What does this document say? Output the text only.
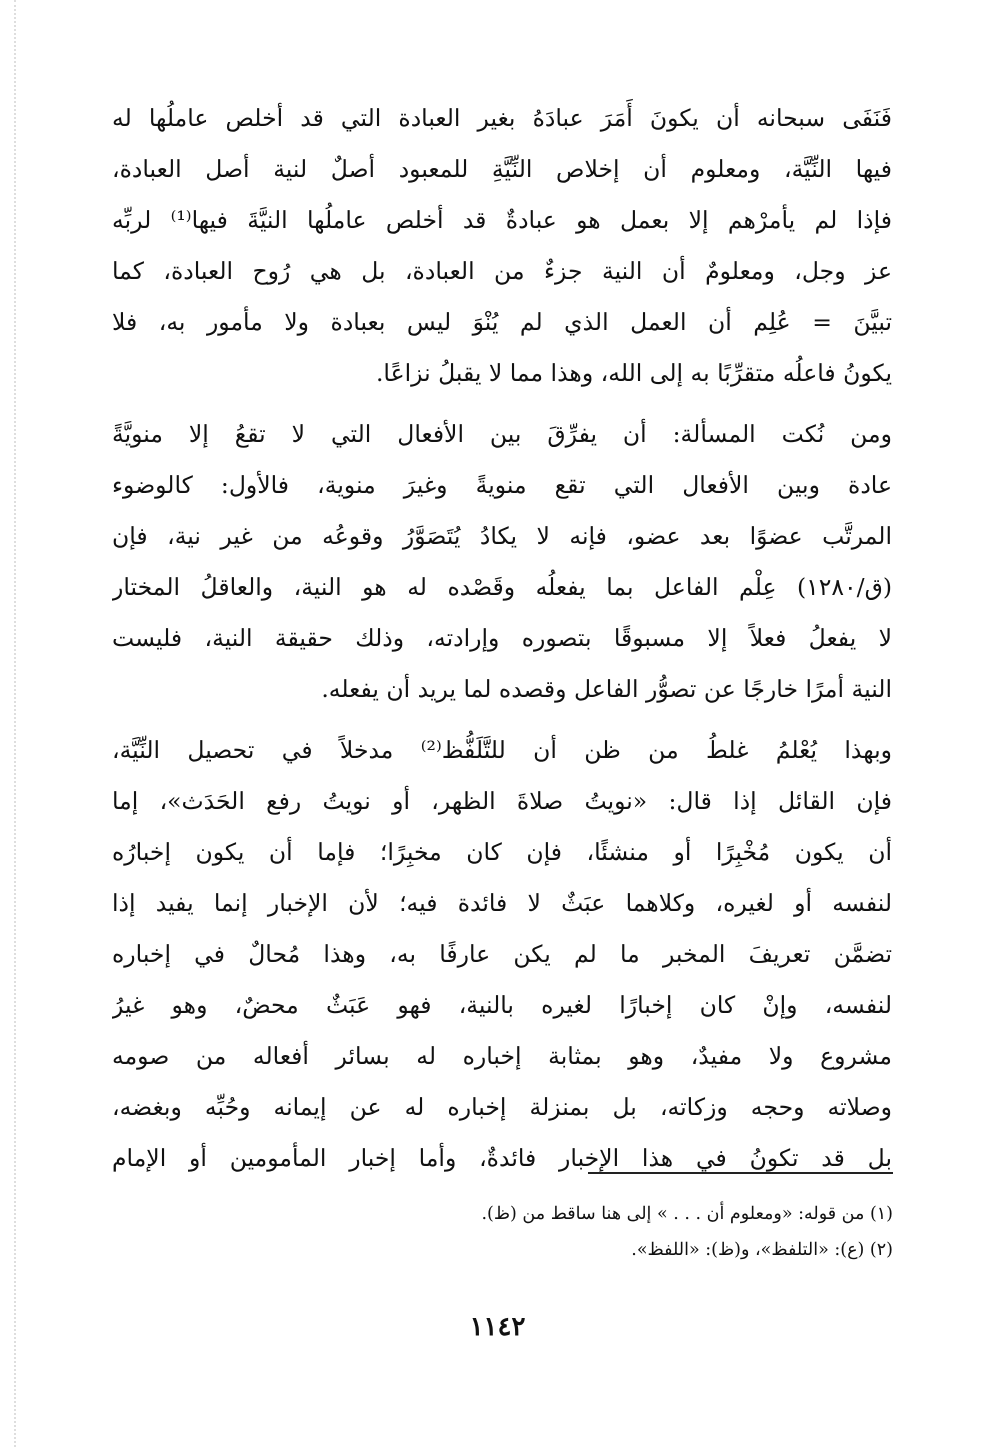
فَنَفَى سبحانه أن يكونَ أَمَرَ عبادَهُ بغير العبادة التي قد أخلص عاملُها له
فيها النِّيَّة، ومعلوم أن إخلاص النِّيَّةِ للمعبود أصلٌ لنية أصل العبادة،
فإذا لم يأمرْهم إلا بعمل هو عبادةٌ قد أخلص عاملُها النيَّةَ فيها⁽¹⁾ لربِّه
عز وجل، ومعلومٌ أن النية جزءٌ من العبادة، بل هي رُوح العبادة، كما
تبيَّنَ = عُلِم أن العمل الذي لم يُنْوَ ليس بعبادة ولا مأمور به، فلا
يكونُ فاعلُه متقرِّبًا به إلى الله، وهذا مما لا يقبلُ نزاعًا.
ومن نُكت المسألة: أن يفرِّقَ بين الأفعال التي لا تقعُ إلا منويَّةً
عادة وبين الأفعال التي تقع منويةً وغيرَ منوية، فالأول: كالوضوء
المرتَّب عضوًا بعد عضو، فإنه لا يكادُ يُتَصَوَّرُ وقوعُه من غير نية، فإن
(ق/١٢٨٠) عِلْم الفاعل بما يفعلُه وقَصْده له هو النية، والعاقلُ المختار
لا يفعلُ فعلاً إلا مسبوقًا بتصوره وإرادته، وذلك حقيقة النية، فليست
النية أمرًا خارجًا عن تصوُّر الفاعل وقصده لما يريد أن يفعله.
وبهذا يُعْلمُ غلطُ من ظن أن للتَّلَفُّظ⁽²⁾ مدخلاً في تحصيل النِّيَّة،
فإن القائل إذا قال: «نويتُ صلاةَ الظهر، أو نويتُ رفع الحَدَث»، إما
أن يكون مُخْبِرًا أو منشئًا، فإن كان مخبِرًا؛ فإما أن يكون إخبارُه
لنفسه أو لغيره، وكلاهما عبَثٌ لا فائدة فيه؛ لأن الإخبار إنما يفيد إذا
تضمَّن تعريفَ المخبر ما لم يكن عارفًا به، وهذا مُحالٌ في إخباره
لنفسه، وإنْ كان إخبارًا لغيره بالنية، فهو عَبَثٌ محضٌ، وهو غيرُ
مشروع ولا مفيدٌ، وهو بمثابة إخباره له بسائر أفعاله من صومه
وصلاته وحجه وزكاته، بل بمنزلة إخباره له عن إيمانه وحُبِّه وبغضه،
بل قد تكونُ في هذا الإخبار فائدةٌ، وأما إخبار المأمومين أو الإمام
(١) من قوله: «ومعلوم أن . . . » إلى هنا ساقط من (ظ).
(٢) (ع): «التلفظ»، و(ظ): «اللفظ».
١١٤٢
